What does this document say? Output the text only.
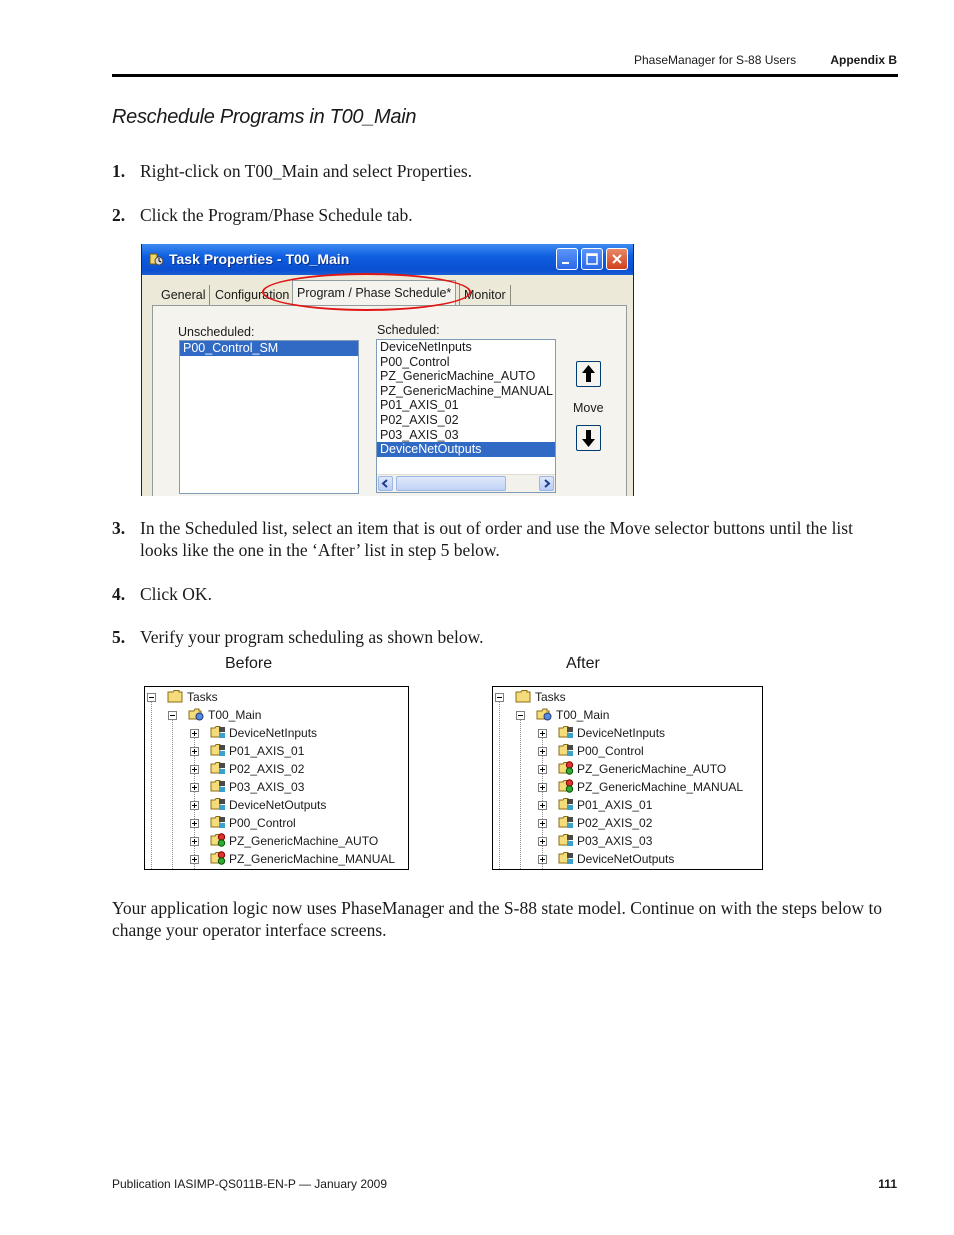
PhaseManager for S-88 Users	Appendix B
Reschedule Programs in T00_Main
1. Right-click on T00_Main and select Properties.
2. Click the Program/Phase Schedule tab.
Task Properties - T00_Main
General Configuration Program / Phase Schedule*	Monitor
Unscheduled:	Scheduled:
P00_Control_SM	DeviceNetInputs
P00_Control
PZ_GenericMachine_AUTO
PZ_GenericMachine_MANUAL
P01_AXIS_01
P02_AXIS_02
P03_AXIS_03
DeviceNetOutputs
Move
3. In the Scheduled list, select an item that is out of order and use the Move selector buttons until the list looks like the one in the ‘After’ list in step 5 below.
4. Click OK.
5. Verify your program scheduling as shown below.
Before	After
Tasks
T00_Main
DeviceNetInputs
P01_AXIS_01
P02_AXIS_02
P03_AXIS_03
DeviceNetOutputs
P00_Control
PZ_GenericMachine_AUTO
PZ_GenericMachine_MANUAL
Tasks
T00_Main
DeviceNetInputs
P00_Control
PZ_GenericMachine_AUTO
PZ_GenericMachine_MANUAL
P01_AXIS_01
P02_AXIS_02
P03_AXIS_03
DeviceNetOutputs
Your application logic now uses PhaseManager and the S-88 state model. Continue on with the steps below to change your operator interface screens.
Publication IASIMP-QS011B-EN-P — January 2009	111
